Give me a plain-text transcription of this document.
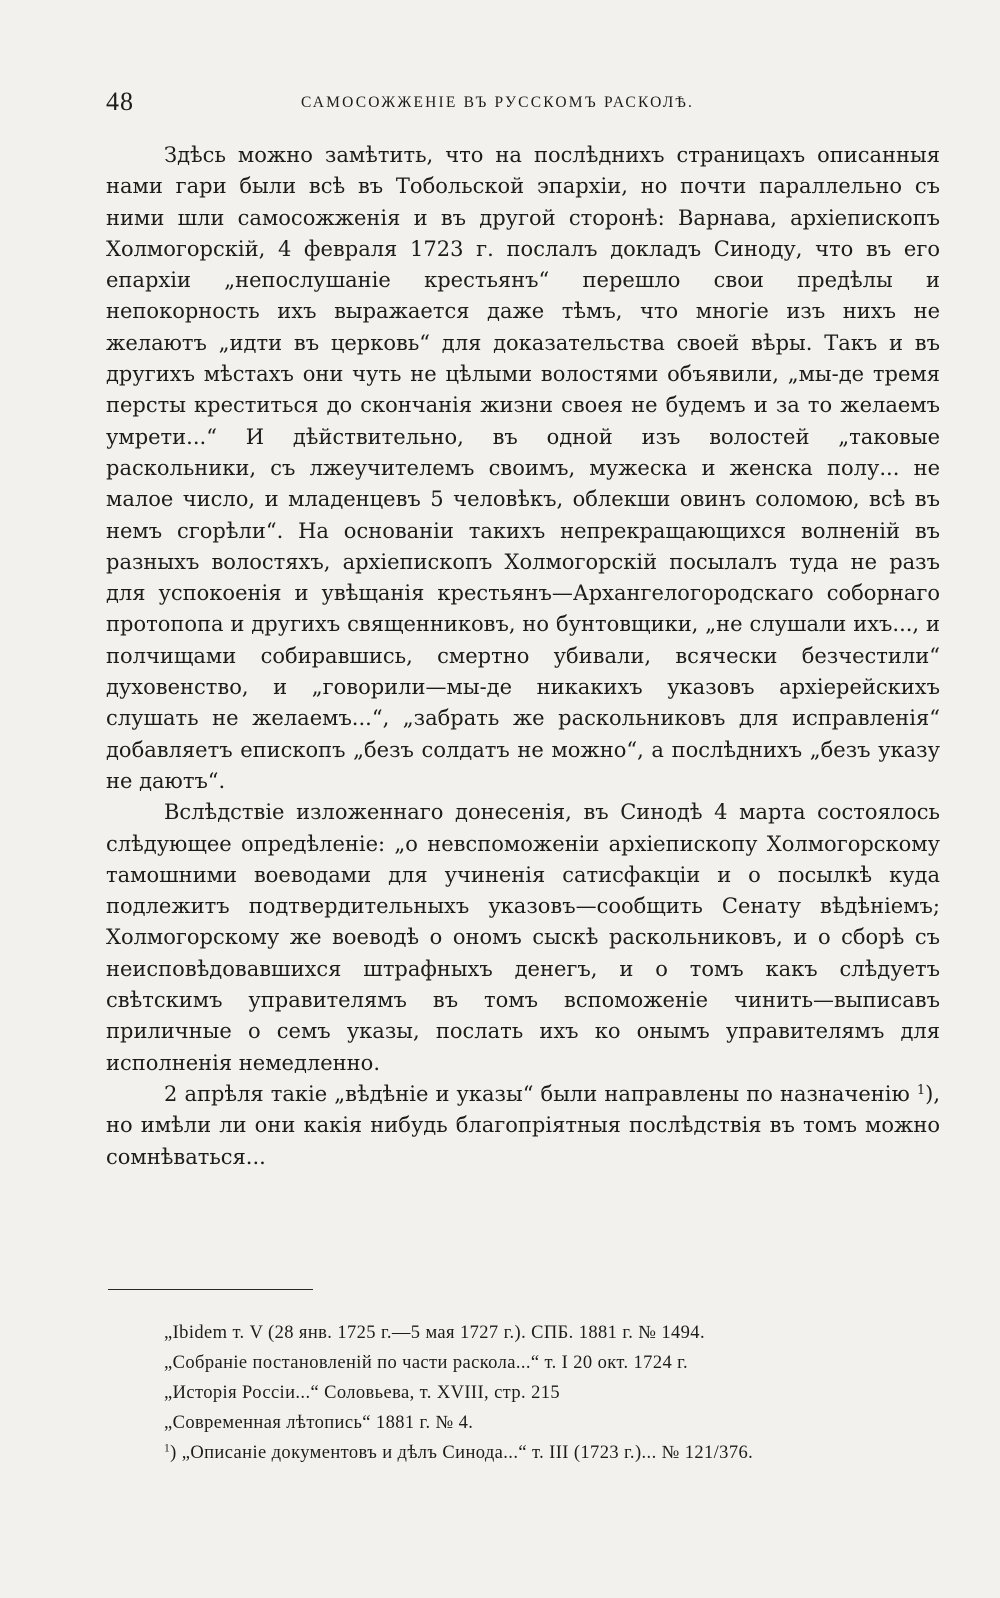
48	САМОСОЖЖЕНІЕ ВЪ РУССКОМЪ РАСКОЛѢ.

Здѣсь можно замѣтить, что на послѣднихъ страницахъ описанныя нами гари были всѣ въ Тобольской эпархіи, но почти параллельно съ ними шли самосожженія и въ другой сторонѣ: Варнава, архіепископъ Холмогорскій, 4 февраля 1723 г. послалъ докладъ Синоду, что въ его епархіи „непослушаніе крестьянъ“ перешло свои предѣлы и непокорность ихъ выражается даже тѣмъ, что многіе изъ нихъ не желаютъ „идти въ церковь“ для доказательства своей вѣры. Такъ и въ другихъ мѣстахъ они чуть не цѣлыми волостями объявили, „мы-де тремя персты креститься до скончанія жизни своея не будемъ и за то желаемъ умрети...“ И дѣйствительно, въ одной изъ волостей „таковые раскольники, съ лжеучителемъ своимъ, мужеска и женска полу... не малое число, и младенцевъ 5 человѣкъ, облекши овинъ соломою, всѣ въ немъ сгорѣли“. На основаніи такихъ непрекращающихся волненій въ разныхъ волостяхъ, архіепископъ Холмогорскій посылалъ туда не разъ для успокоенія и увѣщанія крестьянъ—Архангелогородскаго соборнаго протопопа и другихъ священниковъ, но бунтовщики, „не слушали ихъ..., и полчищами собиравшись, смертно убивали, всячески безчестили“ духовенство, и „говорили—мы-де никакихъ указовъ архіерейскихъ слушать не желаемъ...“, „забрать же раскольниковъ для исправленія“ добавляетъ епископъ „безъ солдатъ не можно“, а послѣднихъ „безъ указу не даютъ“.

Вслѣдствіе изложеннаго донесенія, въ Синодѣ 4 марта состоялось слѣдующее опредѣленіе: „о невспоможеніи архіепископу Холмогорскому тамошними воеводами для учиненія сатисфакціи и о посылкѣ куда подлежитъ подтвердительныхъ указовъ—сообщить Сенату вѣдѣніемъ; Холмогорскому же воеводѣ о ономъ сыскѣ раскольниковъ, и о сборѣ съ неисповѣдовавшихся штрафныхъ денегъ, и о томъ какъ слѣдуетъ свѣтскимъ управителямъ въ томъ вспоможеніе чинить—выписавъ приличные о семъ указы, послать ихъ ко онымъ управителямъ для исполненія немедленно.

2 апрѣля такіе „вѣдѣніе и указы“ были направлены по назначенію $^1$), но имѣли ли они какія нибудь благопріятныя послѣдствія въ томъ можно сомнѣваться...

„Ibidem т. V (28 янв. 1725 г.—5 мая 1727 г.). СПБ. 1881 г. № 1494.

„Собраніе постановленій по части раскола...“ т. I 20 окт. 1724 г.

„Исторія Россіи...“ Соловьева, т. XVIII, стр. 215

„Современная лѣтопись“ 1881 г. № 4.

$^1$) „Описаніе документовъ и дѣлъ Синода...“ т. III (1723 г.)... № 121/376.
